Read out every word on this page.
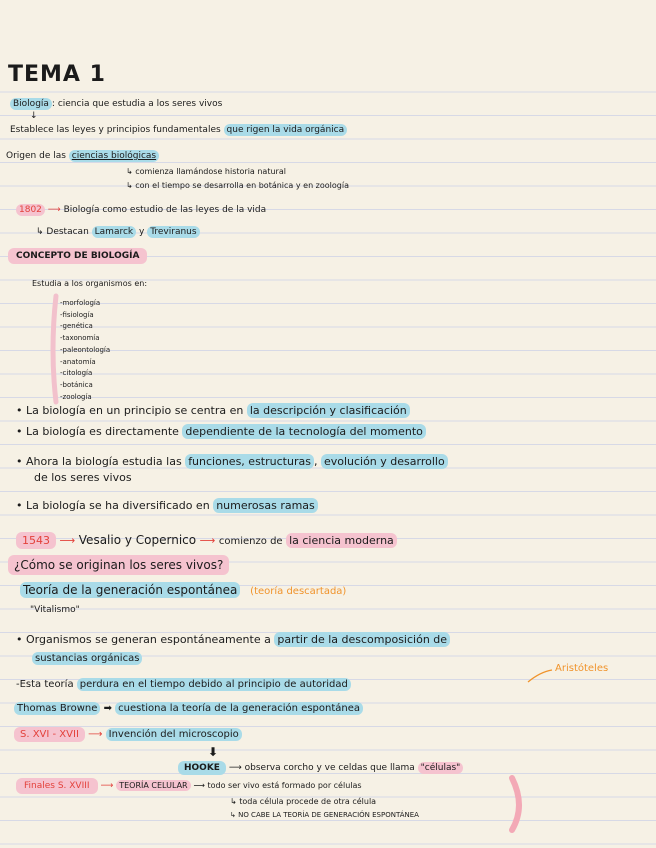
TEMA 1
Biología : ciencia que estudia a los seres vivos
↓
Establece las leyes y principios fundamentales que rigen la vida orgánica
Origen de las ciencias biológicas
↳ comienza llamándose historia natural
↳ con el tiempo se desarrolla en botánica y en zoología
1802 ⟶ Biología como estudio de las leyes de la vida
↳ Destacan Lamarck y Treviranus
CONCEPTO DE BIOLOGÍA
Estudia a los organismos en:
-morfología
-fisiología
-genética
-taxonomía
-paleontología
-anatomía
-citología
-botánica
-zoología
• La biología en un principio se centra en la descripción y clasificación
• La biología es directamente dependiente de la tecnología del momento
• Ahora la biología estudia las funciones, estructuras , evolución y desarrollo
de los seres vivos
• La biología se ha diversificado en numerosas ramas
1543 ⟶ Vesalio y Copernico ⟶ comienzo de la ciencia moderna
¿Cómo se originan los seres vivos?
Teoría de la generación espontánea (teoría descartada)
"Vitalismo"
• Organismos se generan espontáneamente a partir de la descomposición de
sustancias orgánicas
-Esta teoría perdura en el tiempo debido al principio de autoridad
Aristóteles
Thomas Browne ➡ cuestiona la teoría de la generación espontánea
S. XVI - XVII ⟶ Invención del microscopio
⬇
HOOKE ⟶ observa corcho y ve celdas que llama "células"
Finales S. XVIII ⟶ TEORÍA CELULAR ⟶ todo ser vivo está formado por células
↳ toda célula procede de otra célula
↳ NO CABE LA TEORÍA DE GENERACIÓN ESPONTÁNEA
